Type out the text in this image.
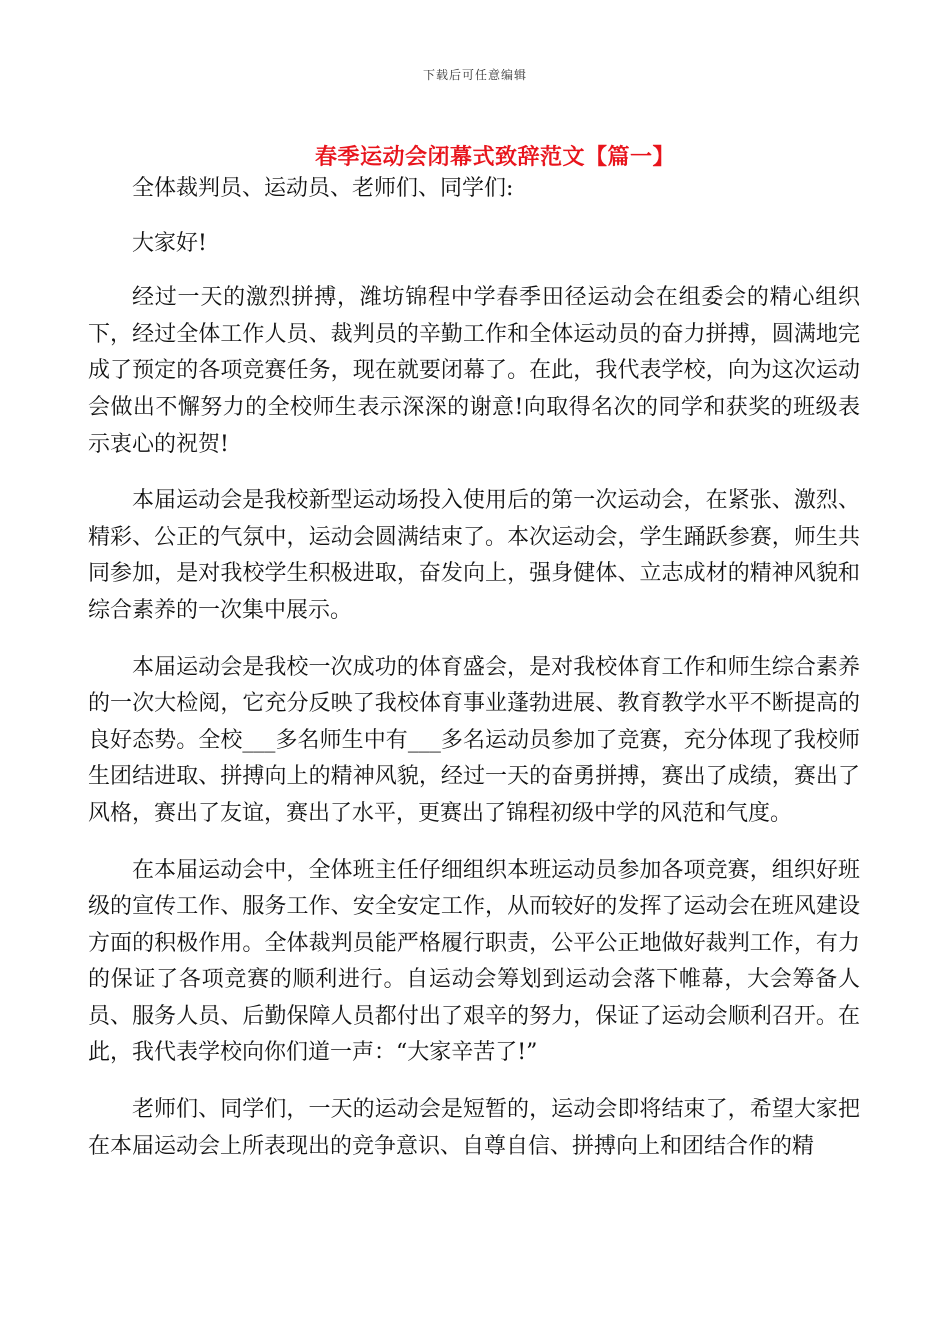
下载后可任意编辑
春季运动会闭幕式致辞范文【篇一】

全体裁判员、运动员、老师们、同学们:

大家好!

经过一天的激烈拼搏，潍坊锦程中学春季田径运动会在组委会的精心组织下，经过全体工作人员、裁判员的辛勤工作和全体运动员的奋力拼搏，圆满地完成了预定的各项竞赛任务，现在就要闭幕了。在此，我代表学校，向为这次运动会做出不懈努力的全校师生表示深深的谢意!向取得名次的同学和获奖的班级表示衷心的祝贺!

本届运动会是我校新型运动场投入使用后的第一次运动会，在紧张、激烈、精彩、公正的气氛中，运动会圆满结束了。本次运动会，学生踊跃参赛，师生共同参加，是对我校学生积极进取，奋发向上，强身健体、立志成材的精神风貌和综合素养的一次集中展示。

本届运动会是我校一次成功的体育盛会，是对我校体育工作和师生综合素养的一次大检阅，它充分反映了我校体育事业蓬勃进展、教育教学水平不断提高的良好态势。全校___多名师生中有___多名运动员参加了竞赛，充分体现了我校师生团结进取、拼搏向上的精神风貌，经过一天的奋勇拼搏，赛出了成绩，赛出了风格，赛出了友谊，赛出了水平，更赛出了锦程初级中学的风范和气度。

在本届运动会中，全体班主任仔细组织本班运动员参加各项竞赛，组织好班级的宣传工作、服务工作、安全安定工作，从而较好的发挥了运动会在班风建设方面的积极作用。全体裁判员能严格履行职责，公平公正地做好裁判工作，有力的保证了各项竞赛的顺利进行。自运动会筹划到运动会落下帷幕，大会筹备人员、服务人员、后勤保障人员都付出了艰辛的努力，保证了运动会顺利召开。在此，我代表学校向你们道一声：“大家辛苦了!”

老师们、同学们，一天的运动会是短暂的，运动会即将结束了，希望大家把在本届运动会上所表现出的竞争意识、自尊自信、拼搏向上和团结合作的精
